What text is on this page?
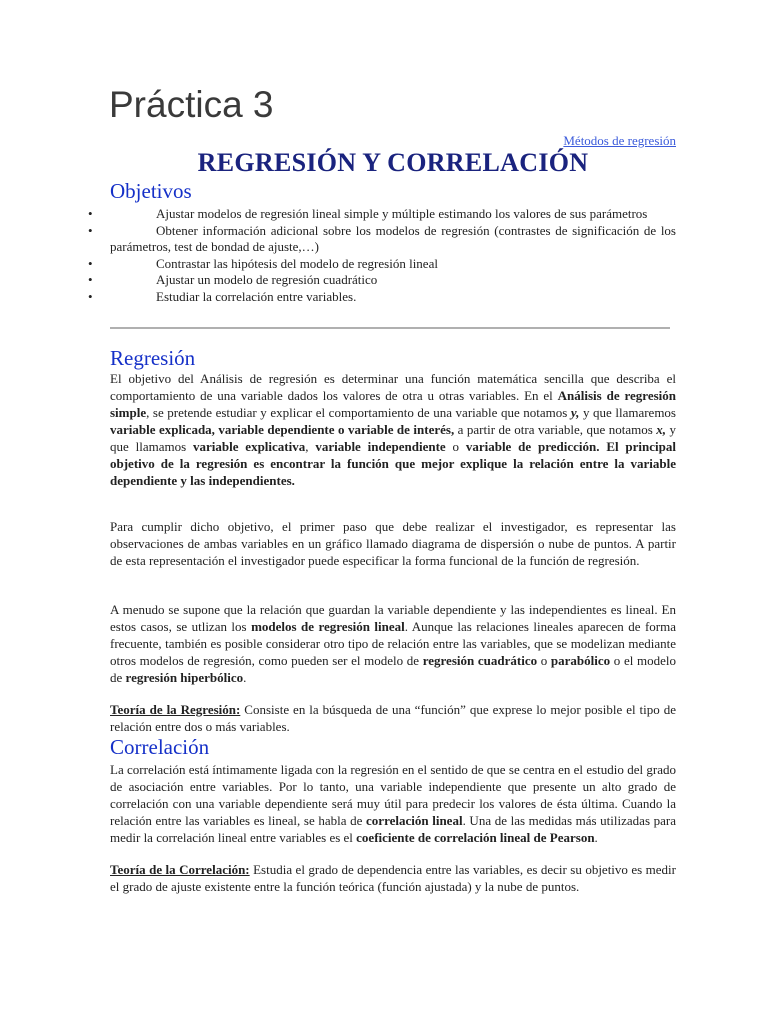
Práctica 3
Métodos de regresión
REGRESIÓN Y CORRELACIÓN
Objetivos
•	Ajustar modelos de regresión lineal simple y múltiple estimando los valores de sus parámetros
•	Obtener información adicional sobre los modelos de regresión (contrastes de significación de los parámetros, test de bondad de ajuste,…)
•	Contrastar las hipótesis del modelo de regresión lineal
•	Ajustar un modelo de regresión cuadrático
•	Estudiar la correlación entre variables.
Regresión

El objetivo del Análisis de regresión es determinar una función matemática sencilla que describa el comportamiento de una variable dados los valores de otra u otras variables. En el Análisis de regresión simple, se pretende estudiar y explicar el comportamiento de una variable que notamos y, y que llamaremos variable explicada, variable dependiente o variable de interés, a partir de otra variable, que notamos x, y que llamamos variable explicativa, variable independiente o variable de predicción. El principal objetivo de la regresión es encontrar la función que mejor explique la relación entre la variable dependiente y las independientes.

Para cumplir dicho objetivo, el primer paso que debe realizar el investigador, es representar las observaciones de ambas variables en un gráfico llamado diagrama de dispersión o nube de puntos. A partir de esta representación el investigador puede especificar la forma funcional de la función de regresión.

A menudo se supone que la relación que guardan la variable dependiente y las independientes es lineal. En estos casos, se utlizan los modelos de regresión lineal. Aunque las relaciones lineales aparecen de forma frecuente, también es posible considerar otro tipo de relación entre las variables, que se modelizan mediante otros modelos de regresión, como pueden ser el modelo de regresión cuadrático o parabólico o el modelo de regresión hiperbólico.

Teoría de la Regresión: Consiste en la búsqueda de una “función” que exprese lo mejor posible el tipo de relación entre dos o más variables.

Correlación

La correlación está íntimamente ligada con la regresión en el sentido de que se centra en el estudio del grado de asociación entre variables. Por lo tanto, una variable independiente que presente un alto grado de correlación con una variable dependiente será muy útil para predecir los valores de ésta última. Cuando la relación entre las variables es lineal, se habla de correlación lineal. Una de las medidas más utilizadas para medir la correlación lineal entre variables es el coeficiente de correlación lineal de Pearson.

Teoría de la Correlación: Estudia el grado de dependencia entre las variables, es decir su objetivo es medir el grado de ajuste existente entre la función teórica (función ajustada) y la nube de puntos.
